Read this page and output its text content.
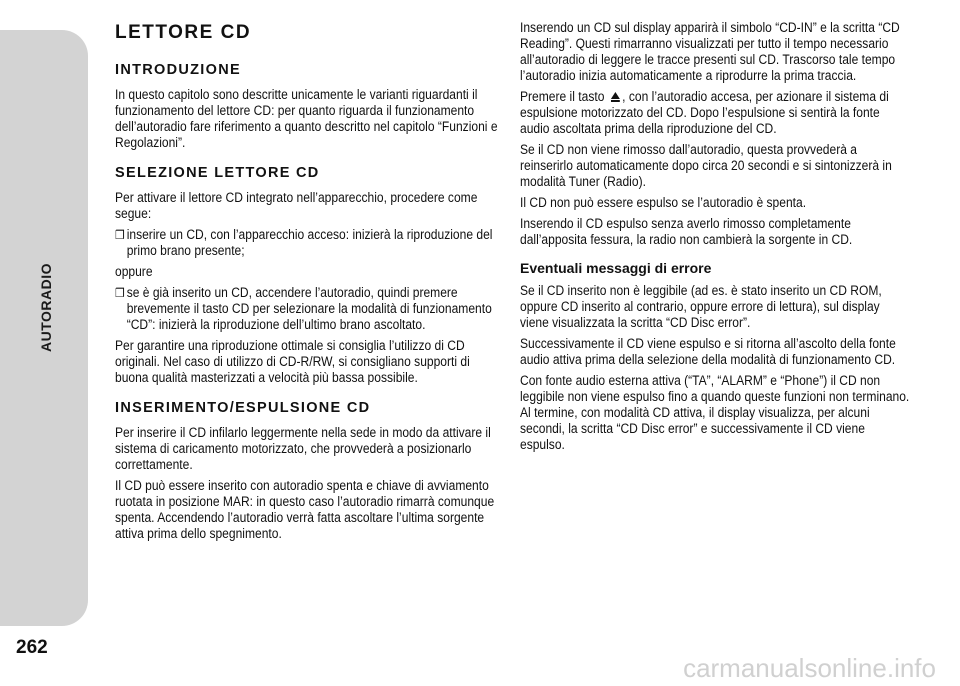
AUTORADIO
262
LETTORE CD
INTRODUZIONE

In questo capitolo sono descritte unicamente le varianti riguardanti il funzionamento del lettore CD: per quanto riguarda il funzionamento dell’autoradio fare riferimento a quanto descritto nel capitolo “Funzioni e Regolazioni”.

SELEZIONE LETTORE CD

Per attivare il lettore CD integrato nell’apparecchio, procedere come segue:

❒ inserire un CD, con l’apparecchio acceso: inizierà la riproduzione del primo brano presente;

oppure

❒ se è già inserito un CD, accendere l’autoradio, quindi premere brevemente il tasto CD per selezionare la modalità di funzionamento “CD”: inizierà la riproduzione dell’ultimo brano ascoltato.

Per garantire una riproduzione ottimale si consiglia l’utilizzo di CD originali. Nel caso di utilizzo di CD-R/RW, si consigliano supporti di buona qualità masterizzati a velocità più bassa possibile.

INSERIMENTO/ESPULSIONE CD

Per inserire il CD infilarlo leggermente nella sede in modo da attivare il sistema di caricamento motorizzato, che provvederà a posizionarlo correttamente.

Il CD può essere inserito con autoradio spenta e chiave di avviamento ruotata in posizione MAR: in questo caso l’autoradio rimarrà comunque spenta. Accendendo l’autoradio verrà fatta ascoltare l’ultima sorgente attiva prima dello spegnimento.

Inserendo un CD sul display apparirà il simbolo “CD-IN” e la scritta “CD Reading”. Questi rimarranno visualizzati per tutto il tempo necessario all’autoradio di leggere le tracce presenti sul CD. Trascorso tale tempo l’autoradio inizia automaticamente a riprodurre la prima traccia.

Premere il tasto , con l’autoradio accesa, per azionare il sistema di espulsione motorizzato del CD. Dopo l’espulsione si sentirà la fonte audio ascoltata prima della riproduzione del CD.

Se il CD non viene rimosso dall’autoradio, questa provvederà a reinserirlo automaticamente dopo circa 20 secondi e si sintonizzerà in modalità Tuner (Radio).

Il CD non può essere espulso se l’autoradio è spenta.

Inserendo il CD espulso senza averlo rimosso completamente dall’apposita fessura, la radio non cambierà la sorgente in CD.

Eventuali messaggi di errore

Se il CD inserito non è leggibile (ad es. è stato inserito un CD ROM, oppure CD inserito al contrario, oppure errore di lettura), sul display viene visualizzata la scritta “CD Disc error”.

Successivamente il CD viene espulso e si ritorna all’ascolto della fonte audio attiva prima della selezione della modalità di funzionamento CD.

Con fonte audio esterna attiva (“TA”, “ALARM” e “Phone”) il CD non leggibile non viene espulso fino a quando queste funzioni non terminano. Al termine, con modalità CD attiva, il display visualizza, per alcuni secondi, la scritta “CD Disc error” e successivamente il CD viene espulso.

carmanualsonline.info
